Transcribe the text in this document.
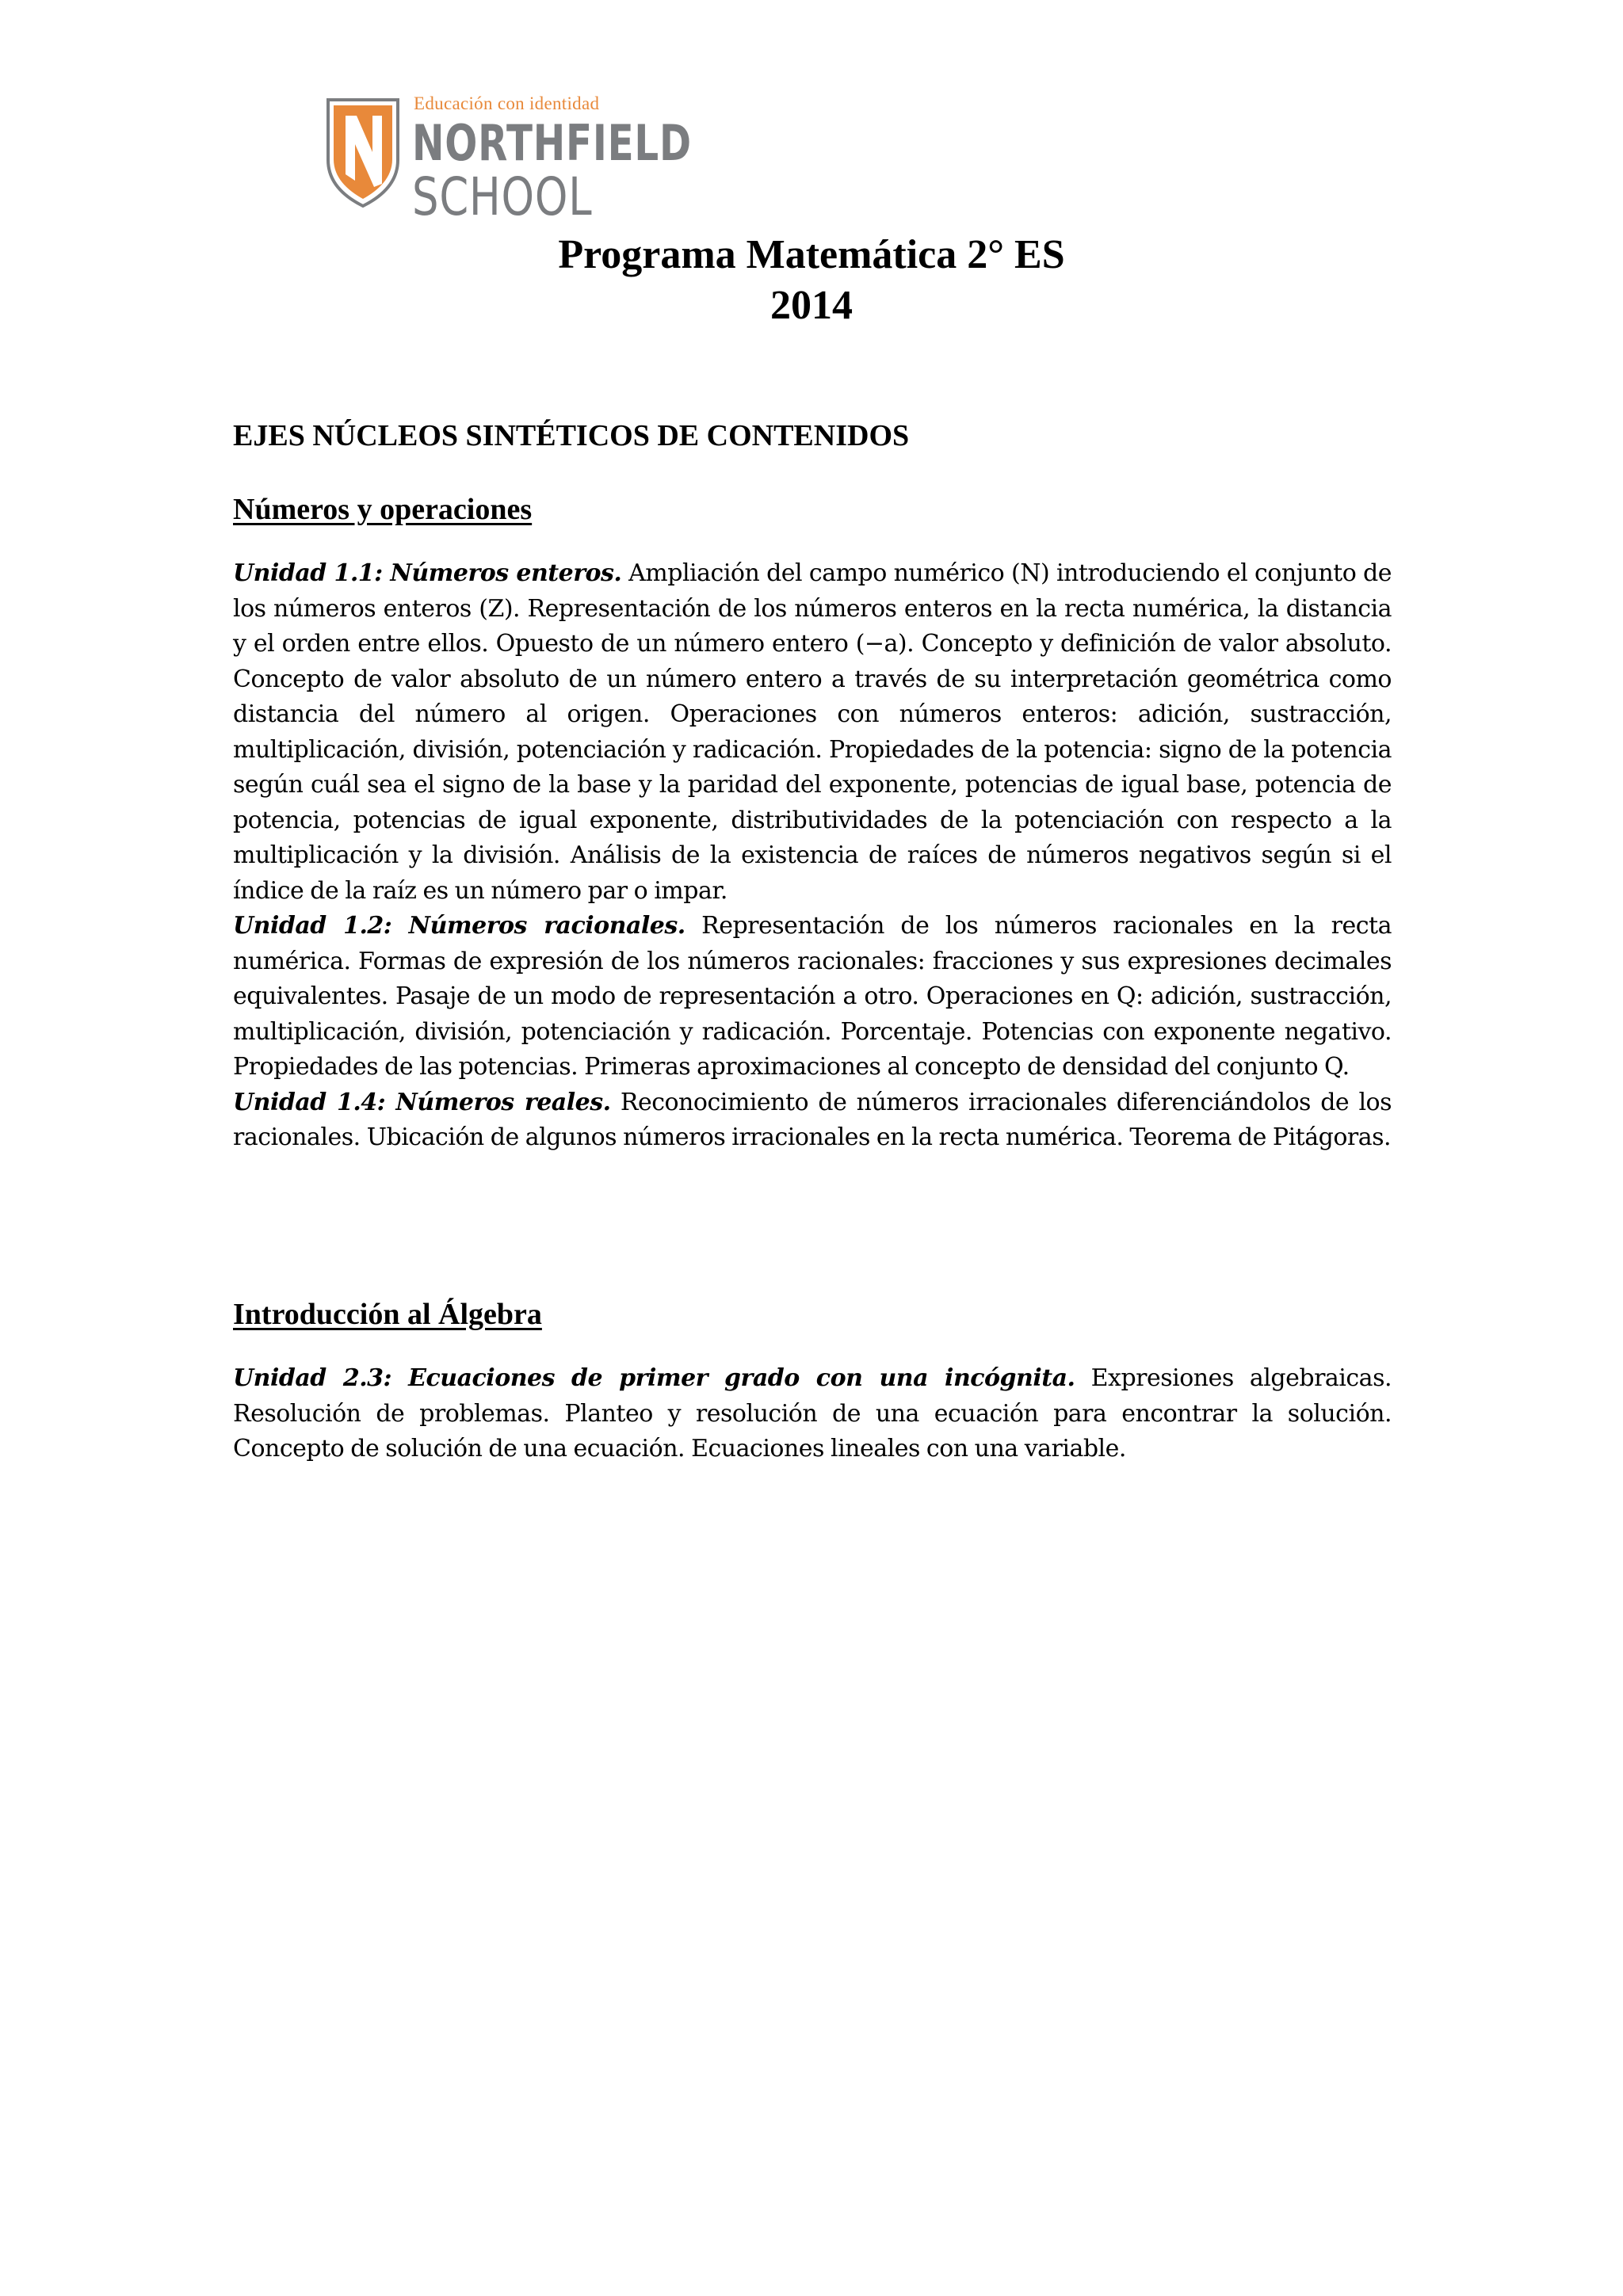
Educación con identidad
NORTHFIELD
SCHOOL
Programa Matemática 2° ES
2014
EJES NÚCLEOS SINTÉTICOS DE CONTENIDOS
Números y operaciones
Unidad 1.1: Números enteros. Ampliación del campo numérico (N) introduciendo el conjunto de los números enteros (Z). Representación de los números enteros en la recta numérica, la distancia y el orden entre ellos. Opuesto de un número entero (−a). Concepto y definición de valor absoluto. Concepto de valor absoluto de un número entero a través de su interpretación geométrica como distancia del número al origen. Operaciones con números enteros: adición, sustracción, multiplicación, división, potenciación y radicación. Propiedades de la potencia: signo de la potencia según cuál sea el signo de la base y la paridad del exponente, potencias de igual base, potencia de potencia, potencias de igual exponente, distributividades de la potenciación con respecto a la multiplicación y la división. Análisis de la existencia de raíces de números negativos según si el índice de la raíz es un número par o impar.
Unidad 1.2: Números racionales. Representación de los números racionales en la recta numérica. Formas de expresión de los números racionales: fracciones y sus expresiones decimales equivalentes. Pasaje de un modo de representación a otro. Operaciones en Q: adición, sustracción, multiplicación, división, potenciación y radicación. Porcentaje. Potencias con exponente negativo. Propiedades de las potencias. Primeras aproximaciones al concepto de densidad del conjunto Q.
Unidad 1.4: Números reales. Reconocimiento de números irracionales diferenciándolos de los racionales. Ubicación de algunos números irracionales en la recta numérica. Teorema de Pitágoras.
Introducción al Álgebra
Unidad 2.3: Ecuaciones de primer grado con una incógnita. Expresiones algebraicas. Resolución de problemas. Planteo y resolución de una ecuación para encontrar la solución. Concepto de solución de una ecuación. Ecuaciones lineales con una variable.
